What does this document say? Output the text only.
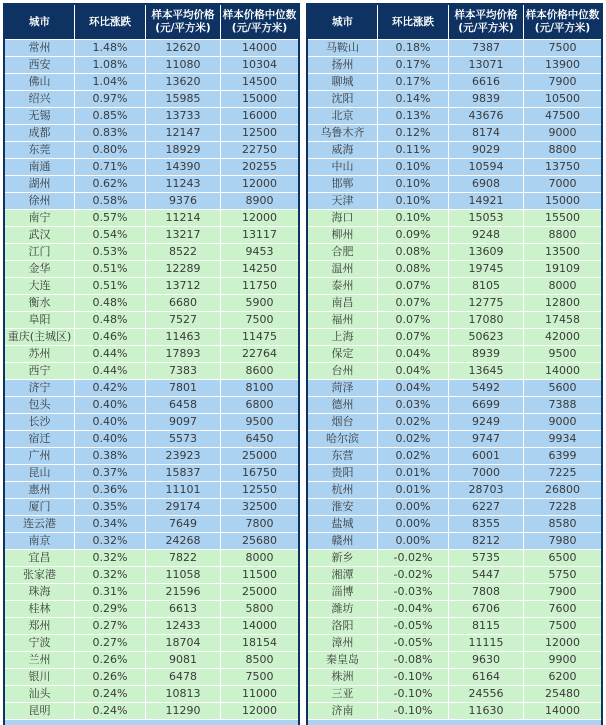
城市	环比涨跌
样本平均价格
(元/平方米)
样本价格中位数
(元/平方米)
常州	1.48%	12620	14000
西安	1.08%	11080	10304
佛山	1.04%	13620	14500
绍兴	0.97%	15985	15000
无锡	0.85%	13733	16000
成都	0.83%	12147	12500
东莞	0.80%	18929	22750
南通	0.71%	14390	20255
湖州	0.62%	11243	12000
徐州	0.58%	9376	8900
南宁	0.57%	11214	12000
武汉	0.54%	13217	13117
江门	0.53%	8522	9453
金华	0.51%	12289	14250
大连	0.51%	13712	11750
衡水	0.48%	6680	5900
阜阳	0.48%	7527	7500
重庆(主城区)	0.46%	11463	11475
苏州	0.44%	17893	22764
西宁	0.44%	7383	8600
济宁	0.42%	7801	8100
包头	0.40%	6458	6800
长沙	0.40%	9097	9500
宿迁	0.40%	5573	6450
广州	0.38%	23923	25000
昆山	0.37%	15837	16750
惠州	0.36%	11101	12550
厦门	0.35%	29174	32500
连云港	0.34%	7649	7800
南京	0.32%	24268	25680
宜昌	0.32%	7822	8000
张家港	0.32%	11058	11500
珠海	0.31%	21596	25000
桂林	0.29%	6613	5800
郑州	0.27%	12433	14000
宁波	0.27%	18704	18154
兰州	0.26%	9081	8500
银川	0.26%	6478	7500
汕头	0.24%	10813	11000
昆明	0.24%	11290	12000
城市	环比涨跌
样本平均价格
(元/平方米)
样本价格中位数
(元/平方米)
马鞍山	0.18%	7387	7500
扬州	0.17%	13071	13900
聊城	0.17%	6616	7900
沈阳	0.14%	9839	10500
北京	0.13%	43676	47500
乌鲁木齐	0.12%	8174	9000
威海	0.11%	9029	8800
中山	0.10%	10594	13750
邯郸	0.10%	6908	7000
天津	0.10%	14921	15000
海口	0.10%	15053	15500
柳州	0.09%	9248	8800
合肥	0.08%	13609	13500
温州	0.08%	19745	19109
泰州	0.07%	8105	8000
南昌	0.07%	12775	12800
福州	0.07%	17080	17458
上海	0.07%	50623	42000
保定	0.04%	8939	9500
台州	0.04%	13645	14000
菏泽	0.04%	5492	5600
德州	0.03%	6699	7388
烟台	0.02%	9249	9000
哈尔滨	0.02%	9747	9934
东营	0.02%	6001	6399
贵阳	0.01%	7000	7225
杭州	0.01%	28703	26800
淮安	0.00%	6227	7228
盐城	0.00%	8355	8580
赣州	0.00%	8212	7980
新乡	-0.02%	5735	6500
湘潭	-0.02%	5447	5750
淄博	-0.03%	7808	7900
潍坊	-0.04%	6706	7600
洛阳	-0.05%	8115	7500
漳州	-0.05%	11115	12000
秦皇岛	-0.08%	9630	9900
株洲	-0.10%	6164	6200
三亚	-0.10%	24556	25480
济南	-0.10%	11630	14000
